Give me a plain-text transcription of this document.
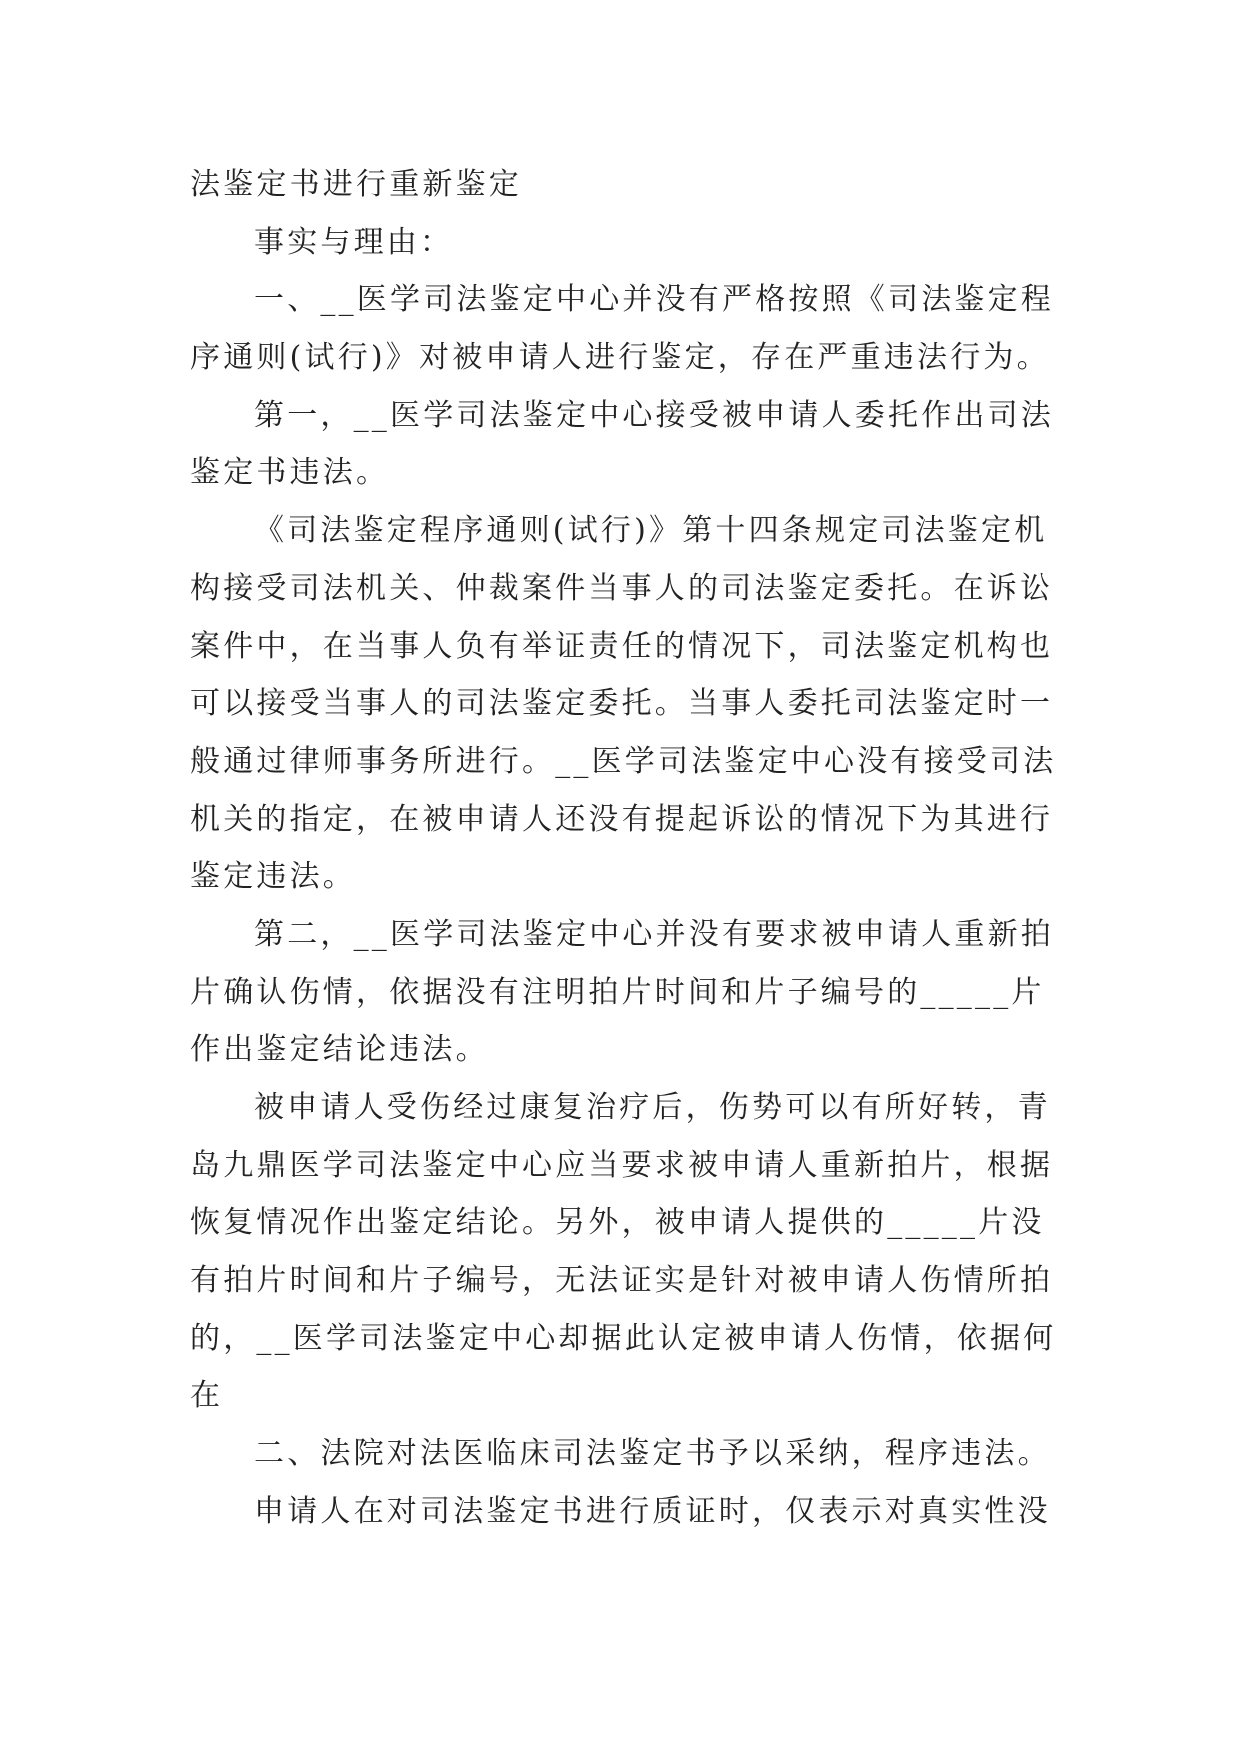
法鉴定书进行重新鉴定
事实与理由：
一、__医学司法鉴定中心并没有严格按照《司法鉴定程
序通则(试行)》对被申请人进行鉴定，存在严重违法行为。
第一，__医学司法鉴定中心接受被申请人委托作出司法
鉴定书违法。
《司法鉴定程序通则(试行)》第十四条规定司法鉴定机
构接受司法机关、仲裁案件当事人的司法鉴定委托。在诉讼
案件中，在当事人负有举证责任的情况下，司法鉴定机构也
可以接受当事人的司法鉴定委托。当事人委托司法鉴定时一
般通过律师事务所进行。__医学司法鉴定中心没有接受司法
机关的指定，在被申请人还没有提起诉讼的情况下为其进行
鉴定违法。
第二，__医学司法鉴定中心并没有要求被申请人重新拍
片确认伤情，依据没有注明拍片时间和片子编号的_____片
作出鉴定结论违法。
被申请人受伤经过康复治疗后，伤势可以有所好转，青
岛九鼎医学司法鉴定中心应当要求被申请人重新拍片，根据
恢复情况作出鉴定结论。另外，被申请人提供的_____片没
有拍片时间和片子编号，无法证实是针对被申请人伤情所拍
的，__医学司法鉴定中心却据此认定被申请人伤情，依据何
在
二、法院对法医临床司法鉴定书予以采纳，程序违法。
申请人在对司法鉴定书进行质证时，仅表示对真实性没
